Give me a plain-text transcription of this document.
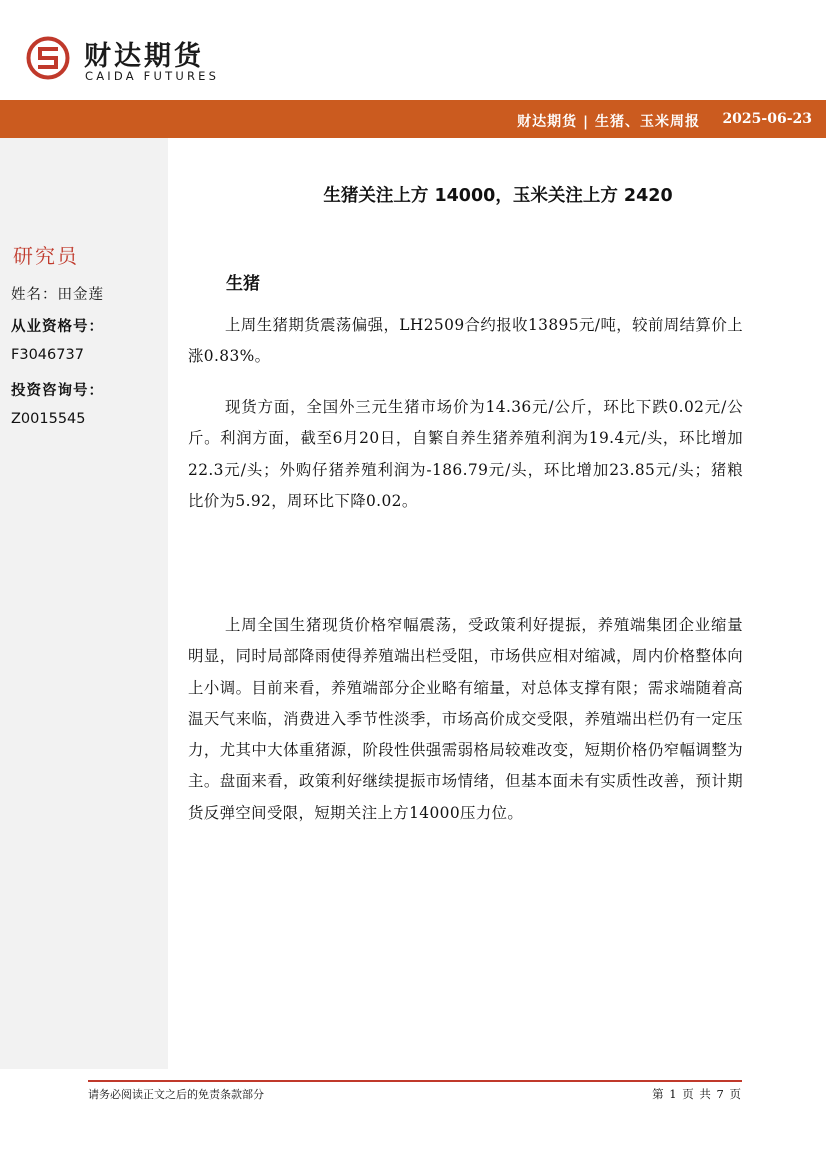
财达期货
CAIDA FUTURES
财达期货 | 生猪、玉米周报 2025-06-23
研究员
姓名：田金莲
从业资格号：
F3046737
投资咨询号：
Z0015545
生猪关注上方 14000，玉米关注上方 2420
生猪

上周生猪期货震荡偏强，LH2509合约报收13895元/吨，较前周结算价上涨0.83%。

现货方面，全国外三元生猪市场价为14.36元/公斤，环比下跌0.02元/公斤。利润方面，截至6月20日，自繁自养生猪养殖利润为19.4元/头，环比增加22.3元/头；外购仔猪养殖利润为-186.79元/头，环比增加23.85元/头；猪粮比价为5.92，周环比下降0.02。

上周全国生猪现货价格窄幅震荡，受政策利好提振，养殖端集团企业缩量明显，同时局部降雨使得养殖端出栏受阻，市场供应相对缩减，周内价格整体向上小调。目前来看，养殖端部分企业略有缩量，对总体支撑有限；需求端随着高温天气来临，消费进入季节性淡季，市场高价成交受限，养殖端出栏仍有一定压力，尤其中大体重猪源，阶段性供强需弱格局较难改变，短期价格仍窄幅调整为主。盘面来看，政策利好继续提振市场情绪，但基本面未有实质性改善，预计期货反弹空间受限，短期关注上方14000压力位。

请务必阅读正文之后的免责条款部分	第 1 页 共 7 页
